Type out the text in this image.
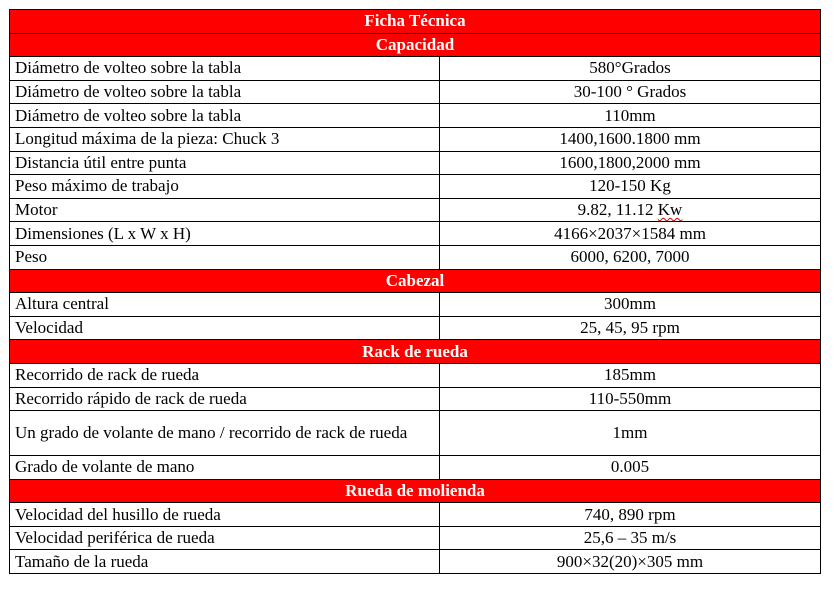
Ficha Técnica	
Capacidad	
Diámetro de volteo sobre la tabla	580°Grados
Diámetro de volteo sobre la tabla	30-100 ° Grados
Diámetro de volteo sobre la tabla	110mm
Longitud máxima de la pieza: Chuck 3	1400,1600.1800 mm
Distancia útil entre punta	1600,1800,2000 mm
Peso máximo de trabajo	120-150 Kg
Motor	9.82, 11.12 Kw
Dimensiones (L x W x H)	4166×2037×1584 mm
Peso	6000, 6200, 7000
Cabezal	
Altura central	300mm
Velocidad	25, 45, 95 rpm
Rack de rueda	
Recorrido de rack de rueda	185mm
Recorrido rápido de rack de rueda	110-550mm
Un grado de volante de mano / recorrido de rack de rueda	1mm
Grado de volante de mano	0.005
Rueda de molienda	
Velocidad del husillo de rueda	740, 890 rpm
Velocidad periférica de rueda	25,6 – 35 m/s
Tamaño de la rueda	900×32(20)×305 mm
